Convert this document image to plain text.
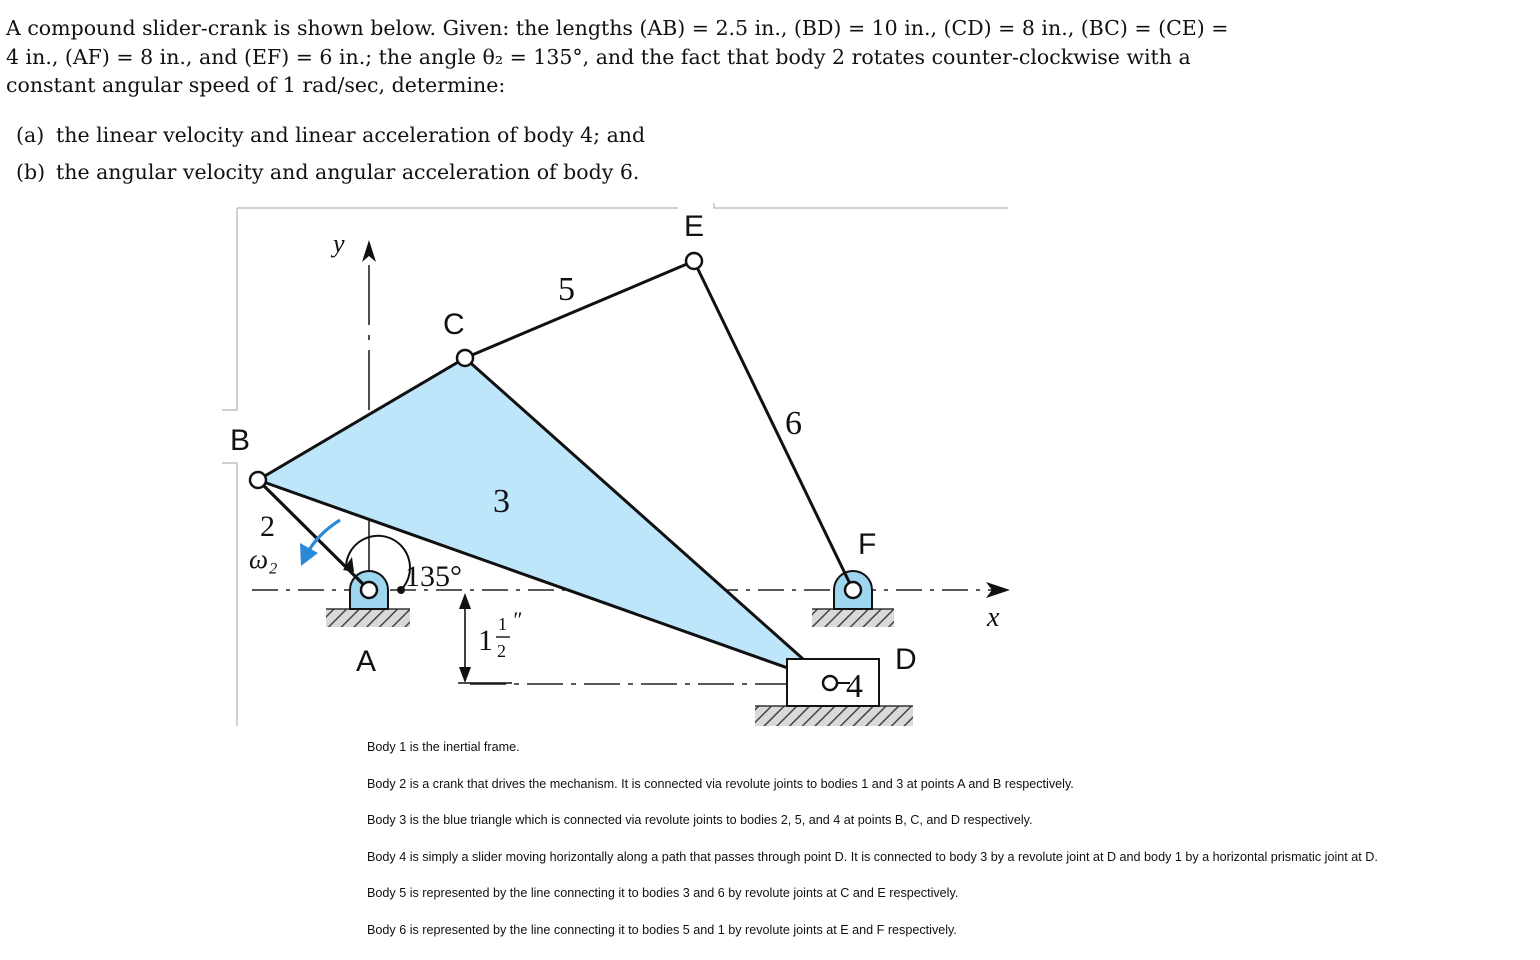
A compound slider-crank is shown below. Given: the lengths (AB) = 2.5 in., (BD) = 10 in., (CD) = 8 in., (BC) = (CE) = 4 in., (AF) = 8 in., and (EF) = 6 in.; the angle θ₂ = 135°, and the fact that body 2 rotates counter-clockwise with a constant angular speed of 1 rad/sec, determine:

(a) the linear velocity and linear acceleration of body 4; and
(b) the angular velocity and angular acceleration of body 6.
E
C
B
F
A	D
5
6
3
2
4
y
x
ω₂
135°
1 1
2
″
Body 1 is the inertial frame.
Body 2 is a crank that drives the mechanism. It is connected via revolute joints to bodies 1 and 3 at points A and B respectively.
Body 3 is the blue triangle which is connected via revolute joints to bodies 2, 5, and 4 at points B, C, and D respectively.
Body 4 is simply a slider moving horizontally along a path that passes through point D. It is connected to body 3 by a revolute joint at D and body 1 by a horizontal prismatic joint at D.
Body 5 is represented by the line connecting it to bodies 3 and 6 by revolute joints at C and E respectively.
Body 6 is represented by the line connecting it to bodies 5 and 1 by revolute joints at E and F respectively.
